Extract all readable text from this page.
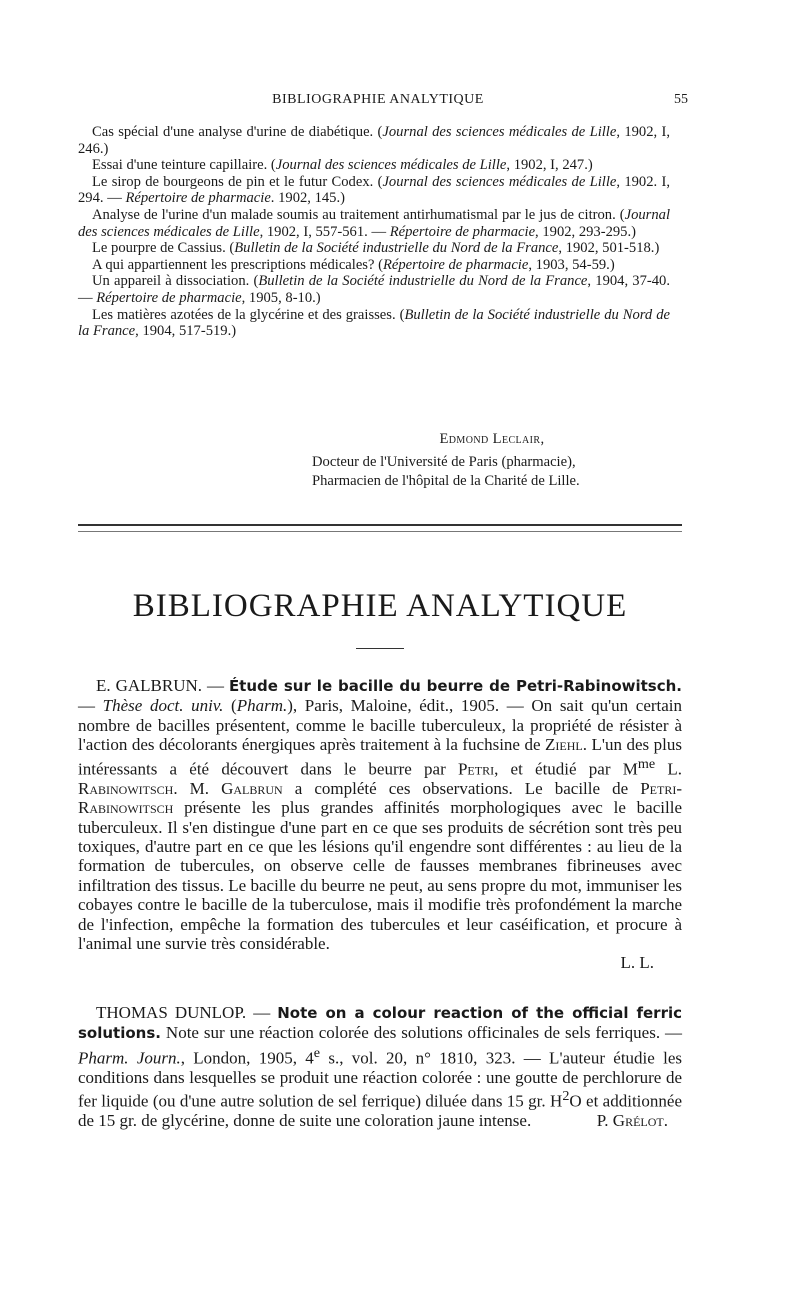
BIBLIOGRAPHIE ANALYTIQUE	55

Cas spécial d'une analyse d'urine de diabétique. (Journal des sciences médicales de Lille, 1902, I, 246.)

Essai d'une teinture capillaire. (Journal des sciences médicales de Lille, 1902, I, 247.)

Le sirop de bourgeons de pin et le futur Codex. (Journal des sciences médicales de Lille, 1902. I, 294. — Répertoire de pharmacie. 1902, 145.)

Analyse de l'urine d'un malade soumis au traitement antirhumatismal par le jus de citron. (Journal des sciences médicales de Lille, 1902, I, 557-561. — Répertoire de pharmacie, 1902, 293-295.)

Le pourpre de Cassius. (Bulletin de la Société industrielle du Nord de la France, 1902, 501-518.)

A qui appartiennent les prescriptions médicales? (Répertoire de pharmacie, 1903, 54-59.)

Un appareil à dissociation. (Bulletin de la Société industrielle du Nord de la France, 1904, 37-40. — Répertoire de pharmacie, 1905, 8-10.)

Les matières azotées de la glycérine et des graisses. (Bulletin de la Société industrielle du Nord de la France, 1904, 517-519.)

Edmond Leclair,
Docteur de l'Université de Paris (pharmacie),
Pharmacien de l'hôpital de la Charité de Lille.
BIBLIOGRAPHIE ANALYTIQUE

E. GALBRUN. — Étude sur le bacille du beurre de Petri-Rabinowitsch. — Thèse doct. univ. (Pharm.), Paris, Maloine, édit., 1905. — On sait qu'un certain nombre de bacilles présentent, comme le bacille tuberculeux, la propriété de résister à l'action des décolorants énergiques après traitement à la fuchsine de Ziehl. L'un des plus intéressants a été découvert dans le beurre par Petri, et étudié par $M^{me}$ L. Rabinowitsch. M. Galbrun a complété ces observations. Le bacille de Petri-Rabinowitsch présente les plus grandes affinités morphologiques avec le bacille tuberculeux. Il s'en distingue d'une part en ce que ses produits de sécrétion sont très peu toxiques, d'autre part en ce que les lésions qu'il engendre sont différentes : au lieu de la formation de tubercules, on observe celle de fausses membranes fibrineuses avec infiltration des tissus. Le bacille du beurre ne peut, au sens propre du mot, immuniser les cobayes contre le bacille de la tuberculose, mais il modifie très profondément la marche de l'infection, empêche la formation des tubercules et leur caséification, et procure à l'animal une survie très considérable.

L. L.

THOMAS DUNLOP. — Note on a colour reaction of the official ferric solutions. Note sur une réaction colorée des solutions officinales de sels ferriques. — Pharm. Journ., London, 1905, 4e s., vol. 20, n° 1810, 323. — L'auteur étudie les conditions dans lesquelles se produit une réaction colorée : une goutte de perchlorure de fer liquide (ou d'une autre solution de sel ferrique) diluée dans 15 gr. $H^2O$ et additionnée de 15 gr. de glycérine, donne de suite une coloration jaune intense.	P. Grélot.
